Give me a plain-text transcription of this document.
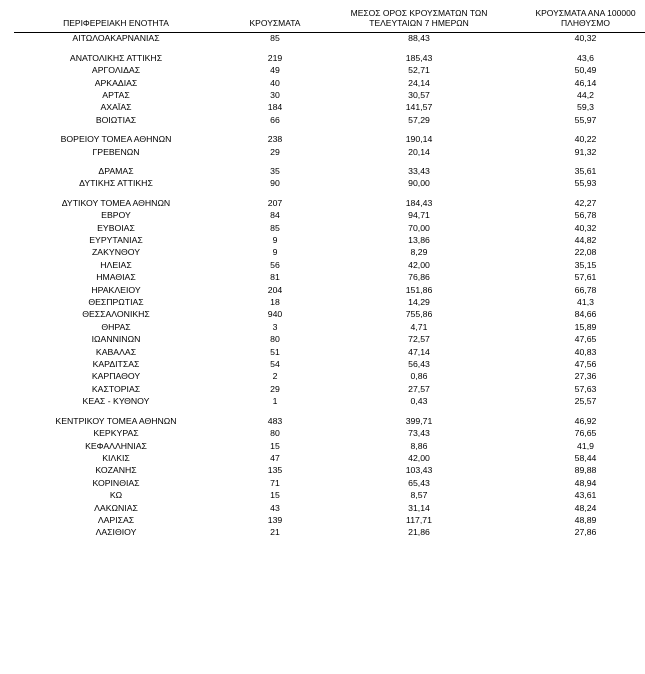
ΠΕΡΙΦΕΡΕΙΑΚΗ ΕΝΟΤΗΤΑ	ΚΡΟΥΣΜΑΤΑ	ΜΕΣΟΣ ΟΡΟΣ ΚΡΟΥΣΜΑΤΩΝ ΤΩΝ
ΤΕΛΕΥΤΑΙΩΝ 7 ΗΜΕΡΩΝ	ΚΡΟΥΣΜΑΤΑ ΑΝΑ 100000
ΠΛΗΘΥΣΜΟ

ΑΙΤΩΛΟΑΚΑΡΝΑΝΙΑΣ	85	88,43	40,32

ΑΝΑΤΟΛΙΚΗΣ ΑΤΤΙΚΗΣ	219	185,43	43,6
ΑΡΓΟΛΙΔΑΣ	49	52,71	50,49
ΑΡΚΑΔΙΑΣ	40	24,14	46,14
ΑΡΤΑΣ	30	30,57	44,2
ΑΧΑΪΑΣ	184	141,57	59,3
ΒΟΙΩΤΙΑΣ	66	57,29	55,97

ΒΟΡΕΙΟΥ ΤΟΜΕΑ ΑΘΗΝΩΝ	238	190,14	40,22
ΓΡΕΒΕΝΩΝ	29	20,14	91,32

ΔΡΑΜΑΣ	35	33,43	35,61
ΔΥΤΙΚΗΣ ΑΤΤΙΚΗΣ	90	90,00	55,93

ΔΥΤΙΚΟΥ ΤΟΜΕΑ ΑΘΗΝΩΝ	207	184,43	42,27
ΕΒΡΟΥ	84	94,71	56,78
ΕΥΒΟΙΑΣ	85	70,00	40,32
ΕΥΡΥΤΑΝΙΑΣ	9	13,86	44,82
ΖΑΚΥΝΘΟΥ	9	8,29	22,08
ΗΛΕΙΑΣ	56	42,00	35,15
ΗΜΑΘΙΑΣ	81	76,86	57,61
ΗΡΑΚΛΕΙΟΥ	204	151,86	66,78
ΘΕΣΠΡΩΤΙΑΣ	18	14,29	41,3
ΘΕΣΣΑΛΟΝΙΚΗΣ	940	755,86	84,66
ΘΗΡΑΣ	3	4,71	15,89
ΙΩΑΝΝΙΝΩΝ	80	72,57	47,65
ΚΑΒΑΛΑΣ	51	47,14	40,83
ΚΑΡΔΙΤΣΑΣ	54	56,43	47,56
ΚΑΡΠΑΘΟΥ	2	0,86	27,36
ΚΑΣΤΟΡΙΑΣ	29	27,57	57,63
ΚΕΑΣ - ΚΥΘΝΟΥ	1	0,43	25,57

ΚΕΝΤΡΙΚΟΥ ΤΟΜΕΑ ΑΘΗΝΩΝ	483	399,71	46,92
ΚΕΡΚΥΡΑΣ	80	73,43	76,65
ΚΕΦΑΛΛΗΝΙΑΣ	15	8,86	41,9
ΚΙΛΚΙΣ	47	42,00	58,44
ΚΟΖΑΝΗΣ	135	103,43	89,88
ΚΟΡΙΝΘΙΑΣ	71	65,43	48,94
ΚΩ	15	8,57	43,61
ΛΑΚΩΝΙΑΣ	43	31,14	48,24
ΛΑΡΙΣΑΣ	139	117,71	48,89
ΛΑΣΙΘΙΟΥ	21	21,86	27,86
